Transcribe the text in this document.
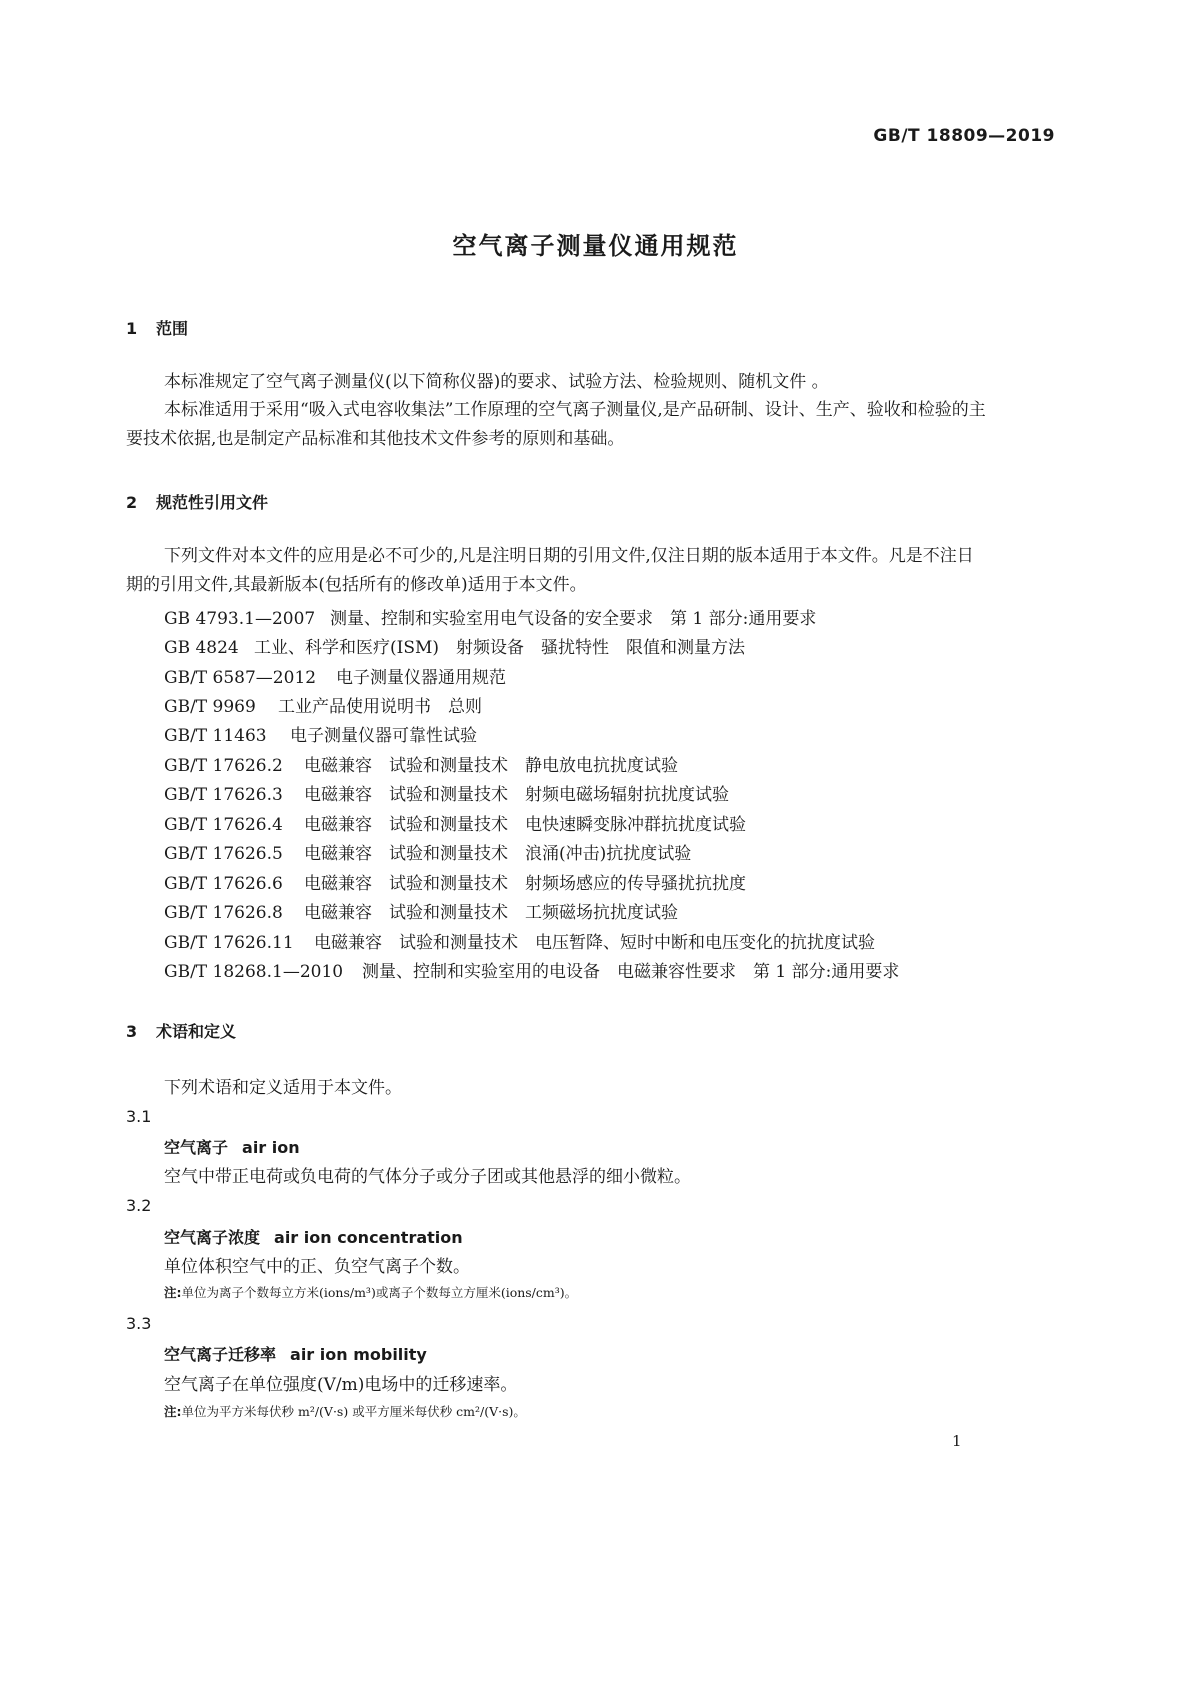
GB/T 18809—2019
空气离子测量仪通用规范
1 范围
本标准规定了空气离子测量仪(以下简称仪器)的要求、试验方法、检验规则、随机文件 。
本标准适用于采用“吸入式电容收集法”工作原理的空气离子测量仪,是产品研制、设计、生产、验收和检验的主要技术依据,也是制定产品标准和其他技术文件参考的原则和基础。
2 规范性引用文件
下列文件对本文件的应用是必不可少的,凡是注明日期的引用文件,仅注日期的版本适用于本文件。凡是不注日期的引用文件,其最新版本(包括所有的修改单)适用于本文件。
GB 4793.1—2007 测量、控制和实验室用电气设备的安全要求　第 1 部分:通用要求
GB 4824 工业、科学和医疗(ISM)　射频设备　骚扰特性　限值和测量方法
GB/T 6587—2012 电子测量仪器通用规范
GB/T 9969 工业产品使用说明书　总则
GB/T 11463 电子测量仪器可靠性试验
GB/T 17626.2 电磁兼容　试验和测量技术　静电放电抗扰度试验
GB/T 17626.3 电磁兼容　试验和测量技术　射频电磁场辐射抗扰度试验
GB/T 17626.4 电磁兼容　试验和测量技术　电快速瞬变脉冲群抗扰度试验
GB/T 17626.5 电磁兼容　试验和测量技术　浪涌(冲击)抗扰度试验
GB/T 17626.6 电磁兼容　试验和测量技术　射频场感应的传导骚扰抗扰度
GB/T 17626.8 电磁兼容　试验和测量技术　工频磁场抗扰度试验
GB/T 17626.11 电磁兼容　试验和测量技术　电压暂降、短时中断和电压变化的抗扰度试验
GB/T 18268.1—2010 测量、控制和实验室用的电设备　电磁兼容性要求　第 1 部分:通用要求
3 术语和定义
下列术语和定义适用于本文件。
3.1
空气离子 air ion
空气中带正电荷或负电荷的气体分子或分子团或其他悬浮的细小微粒。
3.2
空气离子浓度 air ion concentration
单位体积空气中的正、负空气离子个数。
注:单位为离子个数每立方米(ions/m³)或离子个数每立方厘米(ions/cm³)。
3.3
空气离子迁移率 air ion mobility
空气离子在单位强度(V/m)电场中的迁移速率。
注:单位为平方米每伏秒 m²/(V·s) 或平方厘米每伏秒 cm²/(V·s)。
1
